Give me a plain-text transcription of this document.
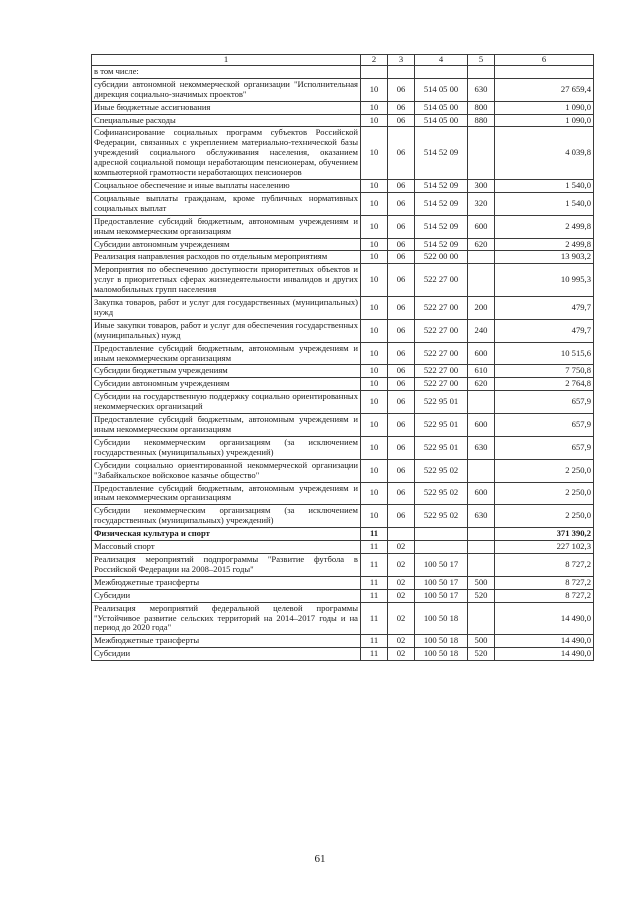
1	2	3	4	5	6
в том числе:					
субсидии автономной некоммерческой организации "Исполнительная дирекция социально-значимых проектов"	10	06	514 05 00	630	27 659,4
Иные бюджетные ассигнования	10	06	514 05 00	800	1 090,0
Специальные расходы	10	06	514 05 00	880	1 090,0
Софинансирование социальных программ субъектов Российской Федерации, связанных с укреплением материально-технической базы учреждений социального обслуживания населения, оказанием адресной социальной помощи неработающим пенсионерам, обучением компьютерной грамотности неработающих пенсионеров	10	06	514 52 09		4 039,8
Социальное обеспечение и иные выплаты населению	10	06	514 52 09	300	1 540,0
Социальные выплаты гражданам, кроме публичных нормативных социальных выплат	10	06	514 52 09	320	1 540,0
Предоставление субсидий бюджетным, автономным учреждениям и иным некоммерческим организациям	10	06	514 52 09	600	2 499,8
Субсидии автономным учреждениям	10	06	514 52 09	620	2 499,8
Реализация направления расходов по отдельным мероприятиям	10	06	522 00 00		13 903,2
Мероприятия по обеспечению доступности приоритетных объектов и услуг в приоритетных сферах жизнедеятельности инвалидов и других маломобильных групп населения	10	06	522 27 00		10 995,3
Закупка товаров, работ и услуг для государственных (муниципальных) нужд	10	06	522 27 00	200	479,7
Иные закупки товаров, работ и услуг для обеспечения государственных (муниципальных) нужд	10	06	522 27 00	240	479,7
Предоставление субсидий бюджетным, автономным учреждениям и иным некоммерческим организациям	10	06	522 27 00	600	10 515,6
Субсидии бюджетным учреждениям	10	06	522 27 00	610	7 750,8
Субсидии автономным учреждениям	10	06	522 27 00	620	2 764,8
Субсидии на государственную поддержку социально ориентированных некоммерческих организаций	10	06	522 95 01		657,9
Предоставление субсидий бюджетным, автономным учреждениям и иным некоммерческим организациям	10	06	522 95 01	600	657,9
Субсидии некоммерческим организациям (за исключением государственных (муниципальных) учреждений)	10	06	522 95 01	630	657,9
Субсидии социально ориентированной некоммерческой организации "Забайкальское войсковое казачье общество"	10	06	522 95 02		2 250,0
Предоставление субсидий бюджетным, автономным учреждениям и иным некоммерческим организациям	10	06	522 95 02	600	2 250,0
Субсидии некоммерческим организациям (за исключением государственных (муниципальных) учреждений)	10	06	522 95 02	630	2 250,0
Физическая культура и спорт	11				371 390,2
Массовый спорт	11	02			227 102,3
Реализация мероприятий подпрограммы "Развитие футбола в Российской Федерации на 2008–2015 годы"	11	02	100 50 17		8 727,2
Межбюджетные трансферты	11	02	100 50 17	500	8 727,2
Субсидии	11	02	100 50 17	520	8 727,2
Реализация мероприятий федеральной целевой программы "Устойчивое развитие сельских территорий на 2014–2017 годы и на период до 2020 года"	11	02	100 50 18		14 490,0
Межбюджетные трансферты	11	02	100 50 18	500	14 490,0
Субсидии	11	02	100 50 18	520	14 490,0
61
